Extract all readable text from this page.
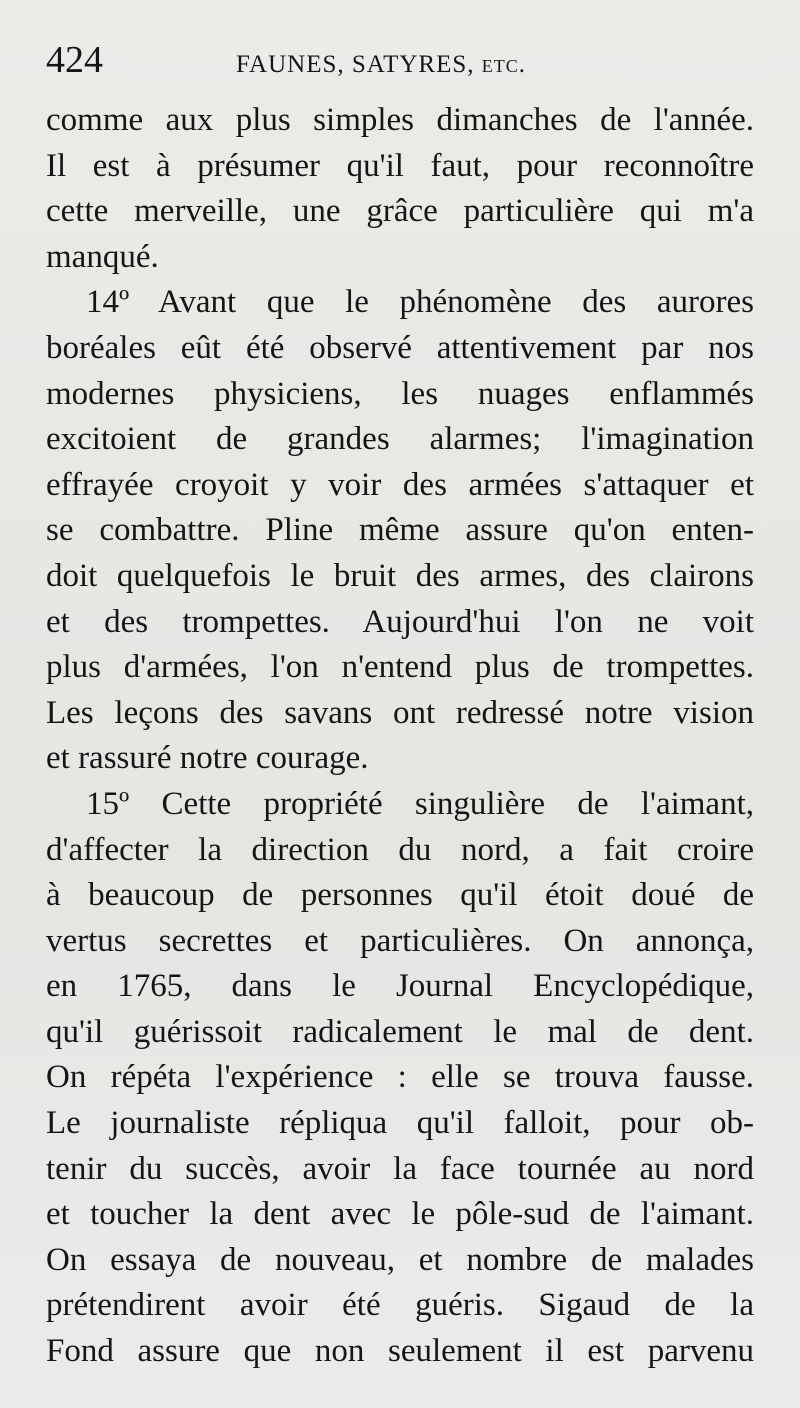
424	FAUNES, SATYRES, etc.
comme aux plus simples dimanches de l'année.
Il est à présumer qu'il faut, pour reconnoître
cette merveille, une grâce particulière qui m'a
manqué.
14º Avant que le phénomène des aurores
boréales eût été observé attentivement par nos
modernes physiciens, les nuages enflammés
excitoient de grandes alarmes; l'imagination
effrayée croyoit y voir des armées s'attaquer et
se combattre. Pline même assure qu'on enten-
doit quelquefois le bruit des armes, des clairons
et des trompettes. Aujourd'hui l'on ne voit
plus d'armées, l'on n'entend plus de trompettes.
Les leçons des savans ont redressé notre vision
et rassuré notre courage.
15º Cette propriété singulière de l'aimant,
d'affecter la direction du nord, a fait croire
à beaucoup de personnes qu'il étoit doué de
vertus secrettes et particulières. On annonça,
en 1765, dans le Journal Encyclopédique,
qu'il guérissoit radicalement le mal de dent.
On répéta l'expérience : elle se trouva fausse.
Le journaliste répliqua qu'il falloit, pour ob-
tenir du succès, avoir la face tournée au nord
et toucher la dent avec le pôle-sud de l'aimant.
On essaya de nouveau, et nombre de malades
prétendirent avoir été guéris. Sigaud de la
Fond assure que non seulement il est parvenu
